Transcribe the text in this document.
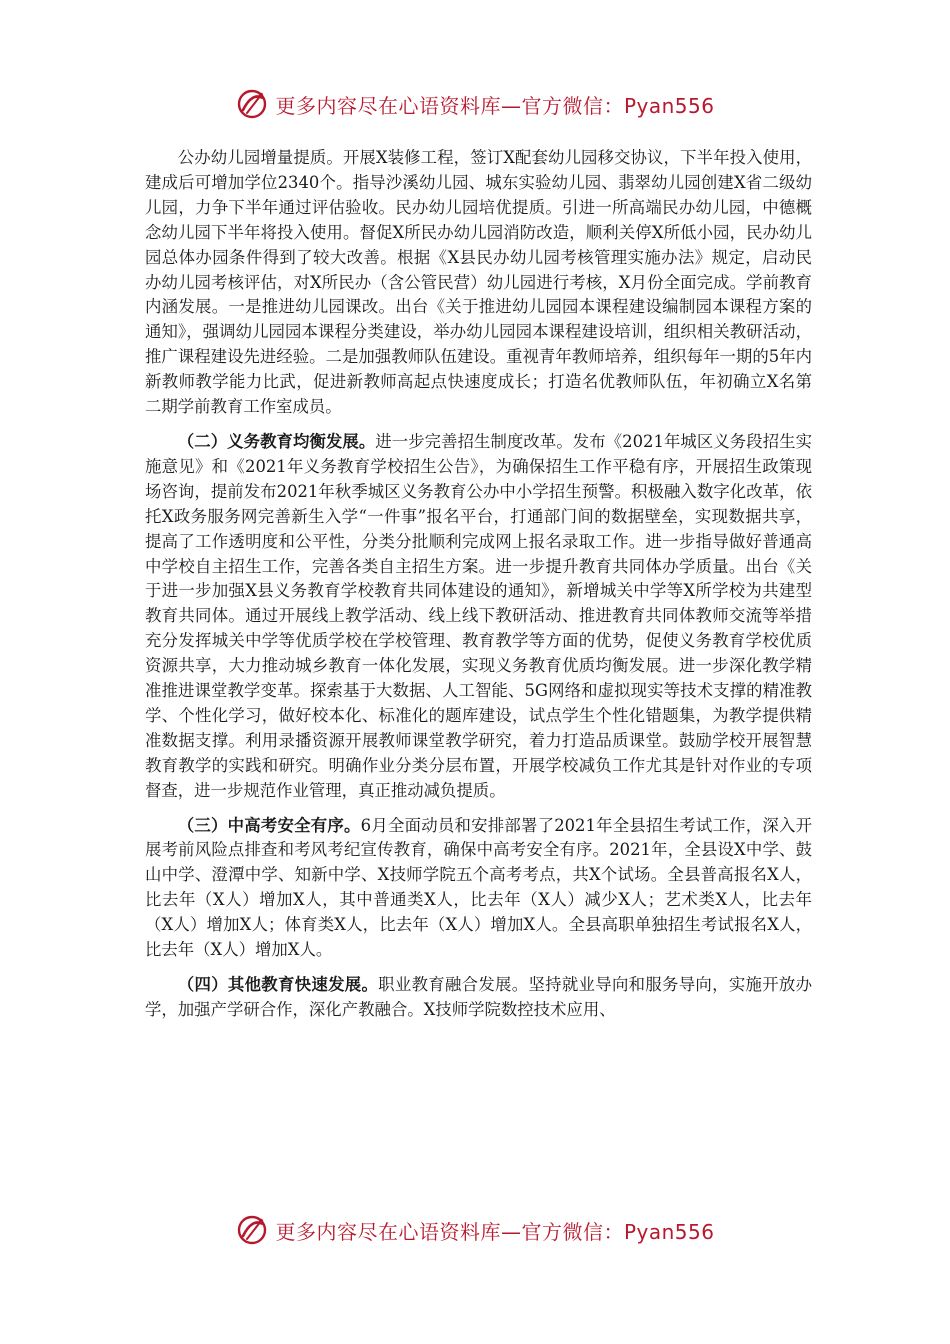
更多内容尽在心语资料库—官方微信：Pyan556

公办幼儿园增量提质。开展X装修工程，签订X配套幼儿园移交协议，下半年投入使用，建成后可增加学位2340个。指导沙溪幼儿园、城东实验幼儿园、翡翠幼儿园创建X省二级幼儿园，力争下半年通过评估验收。民办幼儿园培优提质。引进一所高端民办幼儿园，中德概念幼儿园下半年将投入使用。督促X所民办幼儿园消防改造，顺利关停X所低小园，民办幼儿园总体办园条件得到了较大改善。根据《X县民办幼儿园考核管理实施办法》规定，启动民办幼儿园考核评估，对X所民办（含公管民营）幼儿园进行考核，X月份全面完成。学前教育内涵发展。一是推进幼儿园课改。出台《关于推进幼儿园园本课程建设编制园本课程方案的通知》，强调幼儿园园本课程分类建设，举办幼儿园园本课程建设培训，组织相关教研活动，推广课程建设先进经验。二是加强教师队伍建设。重视青年教师培养，组织每年一期的5年内新教师教学能力比武，促进新教师高起点快速度成长；打造名优教师队伍，年初确立X名第二期学前教育工作室成员。

（二）义务教育均衡发展。进一步完善招生制度改革。发布《2021年城区义务段招生实施意见》和《2021年义务教育学校招生公告》，为确保招生工作平稳有序，开展招生政策现场咨询，提前发布2021年秋季城区义务教育公办中小学招生预警。积极融入数字化改革，依托X政务服务网完善新生入学“一件事”报名平台，打通部门间的数据壁垒，实现数据共享，提高了工作透明度和公平性，分类分批顺利完成网上报名录取工作。进一步指导做好普通高中学校自主招生工作，完善各类自主招生方案。进一步提升教育共同体办学质量。出台《关于进一步加强X县义务教育学校教育共同体建设的通知》，新增城关中学等X所学校为共建型教育共同体。通过开展线上教学活动、线上线下教研活动、推进教育共同体教师交流等举措充分发挥城关中学等优质学校在学校管理、教育教学等方面的优势，促使义务教育学校优质资源共享，大力推动城乡教育一体化发展，实现义务教育优质均衡发展。进一步深化教学精准推进课堂教学变革。探索基于大数据、人工智能、5G网络和虚拟现实等技术支撑的精准教学、个性化学习，做好校本化、标准化的题库建设，试点学生个性化错题集，为教学提供精准数据支撑。利用录播资源开展教师课堂教学研究，着力打造品质课堂。鼓励学校开展智慧教育教学的实践和研究。明确作业分类分层布置，开展学校减负工作尤其是针对作业的专项督查，进一步规范作业管理，真正推动减负提质。

（三）中高考安全有序。6月全面动员和安排部署了2021年全县招生考试工作，深入开展考前风险点排查和考风考纪宣传教育，确保中高考安全有序。2021年，全县设X中学、鼓山中学、澄潭中学、知新中学、X技师学院五个高考考点，共X个试场。全县普高报名X人，比去年（X人）增加X人，其中普通类X人，比去年（X人）减少X人；艺术类X人，比去年（X人）增加X人；体育类X人，比去年（X人）增加X人。全县高职单独招生考试报名X人，比去年（X人）增加X人。

（四）其他教育快速发展。职业教育融合发展。坚持就业导向和服务导向，实施开放办学，加强产学研合作，深化产教融合。X技师学院数控技术应用、

更多内容尽在心语资料库—官方微信：Pyan556
